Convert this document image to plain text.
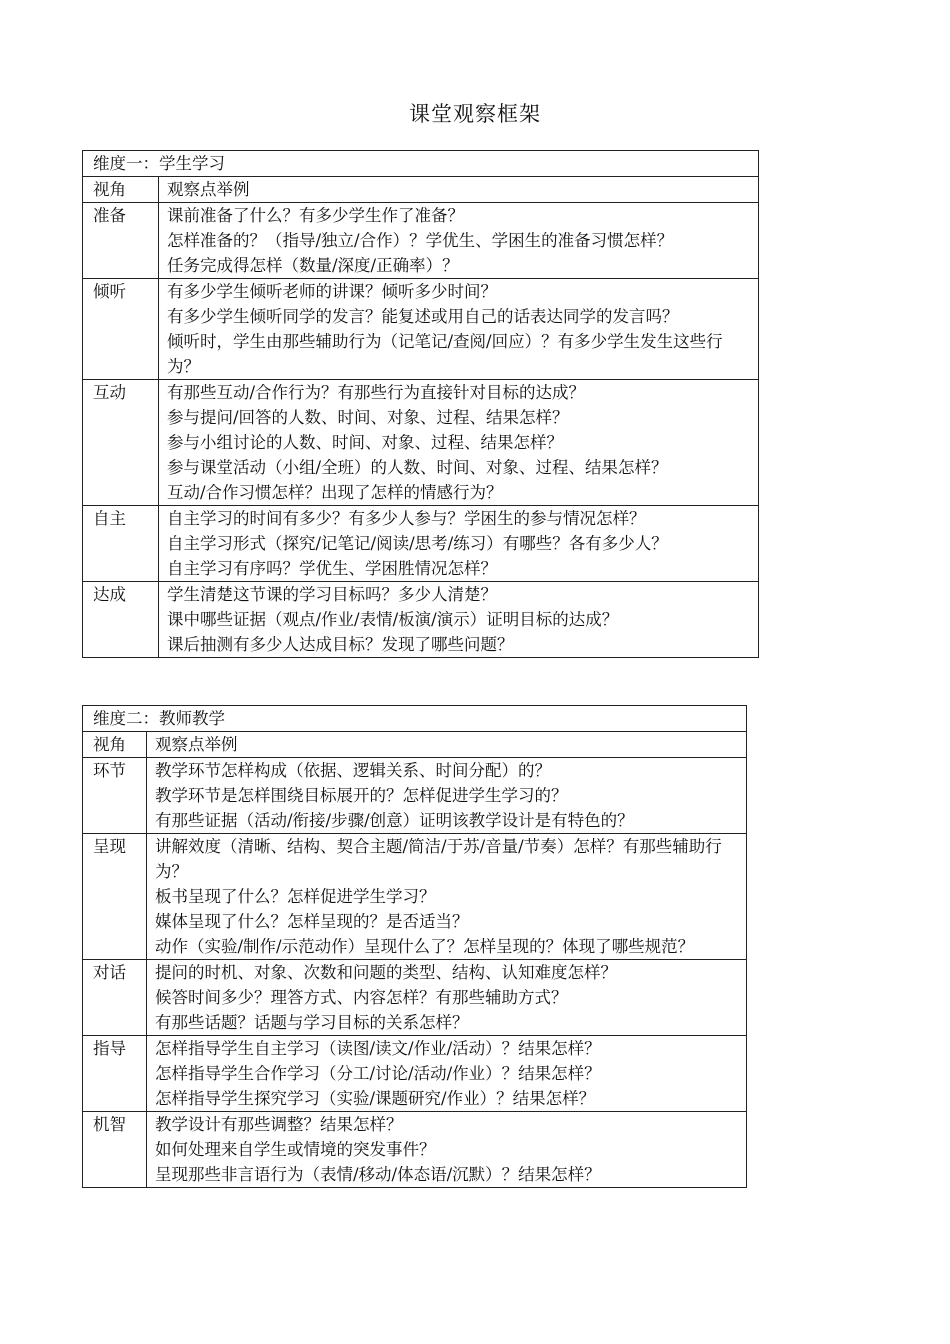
课堂观察框架
维度一：学生学习	
视角	观察点举例
准备	课前准备了什么？有多少学生作了准备？
怎样准备的？（指导/独立/合作）？学优生、学困生的准备习惯怎样？
任务完成得怎样（数量/深度/正确率）？

倾听	有多少学生倾听老师的讲课？倾听多少时间？
有多少学生倾听同学的发言？能复述或用自己的话表达同学的发言吗？
倾听时，学生由那些辅助行为（记笔记/查阅/回应）？有多少学生发生这些行为？

互动	有那些互动/合作行为？有那些行为直接针对目标的达成？
参与提问/回答的人数、时间、对象、过程、结果怎样？
参与小组讨论的人数、时间、对象、过程、结果怎样？
参与课堂活动（小组/全班）的人数、时间、对象、过程、结果怎样？
互动/合作习惯怎样？出现了怎样的情感行为？

自主	自主学习的时间有多少？有多少人参与？学困生的参与情况怎样？
自主学习形式（探究/记笔记/阅读/思考/练习）有哪些？各有多少人？
自主学习有序吗？学优生、学困胜情况怎样？

达成	学生清楚这节课的学习目标吗？多少人清楚？
课中哪些证据（观点/作业/表情/板演/演示）证明目标的达成？
课后抽测有多少人达成目标？发现了哪些问题？
维度二：教师教学	
视角	观察点举例
环节	教学环节怎样构成（依据、逻辑关系、时间分配）的？
教学环节是怎样围绕目标展开的？怎样促进学生学习的？
有那些证据（活动/衔接/步骤/创意）证明该教学设计是有特色的？

呈现	讲解效度（清晰、结构、契合主题/简洁/于苏/音量/节奏）怎样？有那些辅助行为？
板书呈现了什么？怎样促进学生学习？
媒体呈现了什么？怎样呈现的？是否适当？
动作（实验/制作/示范动作）呈现什么了？怎样呈现的？体现了哪些规范？

对话	提问的时机、对象、次数和问题的类型、结构、认知难度怎样？
候答时间多少？理答方式、内容怎样？有那些辅助方式？
有那些话题？话题与学习目标的关系怎样？

指导	怎样指导学生自主学习（读图/读文/作业/活动）？结果怎样？
怎样指导学生合作学习（分工/讨论/活动/作业）？结果怎样？
怎样指导学生探究学习（实验/课题研究/作业）？结果怎样？

机智	教学设计有那些调整？结果怎样？
如何处理来自学生或情境的突发事件？
呈现那些非言语行为（表情/移动/体态语/沉默）？结果怎样？
